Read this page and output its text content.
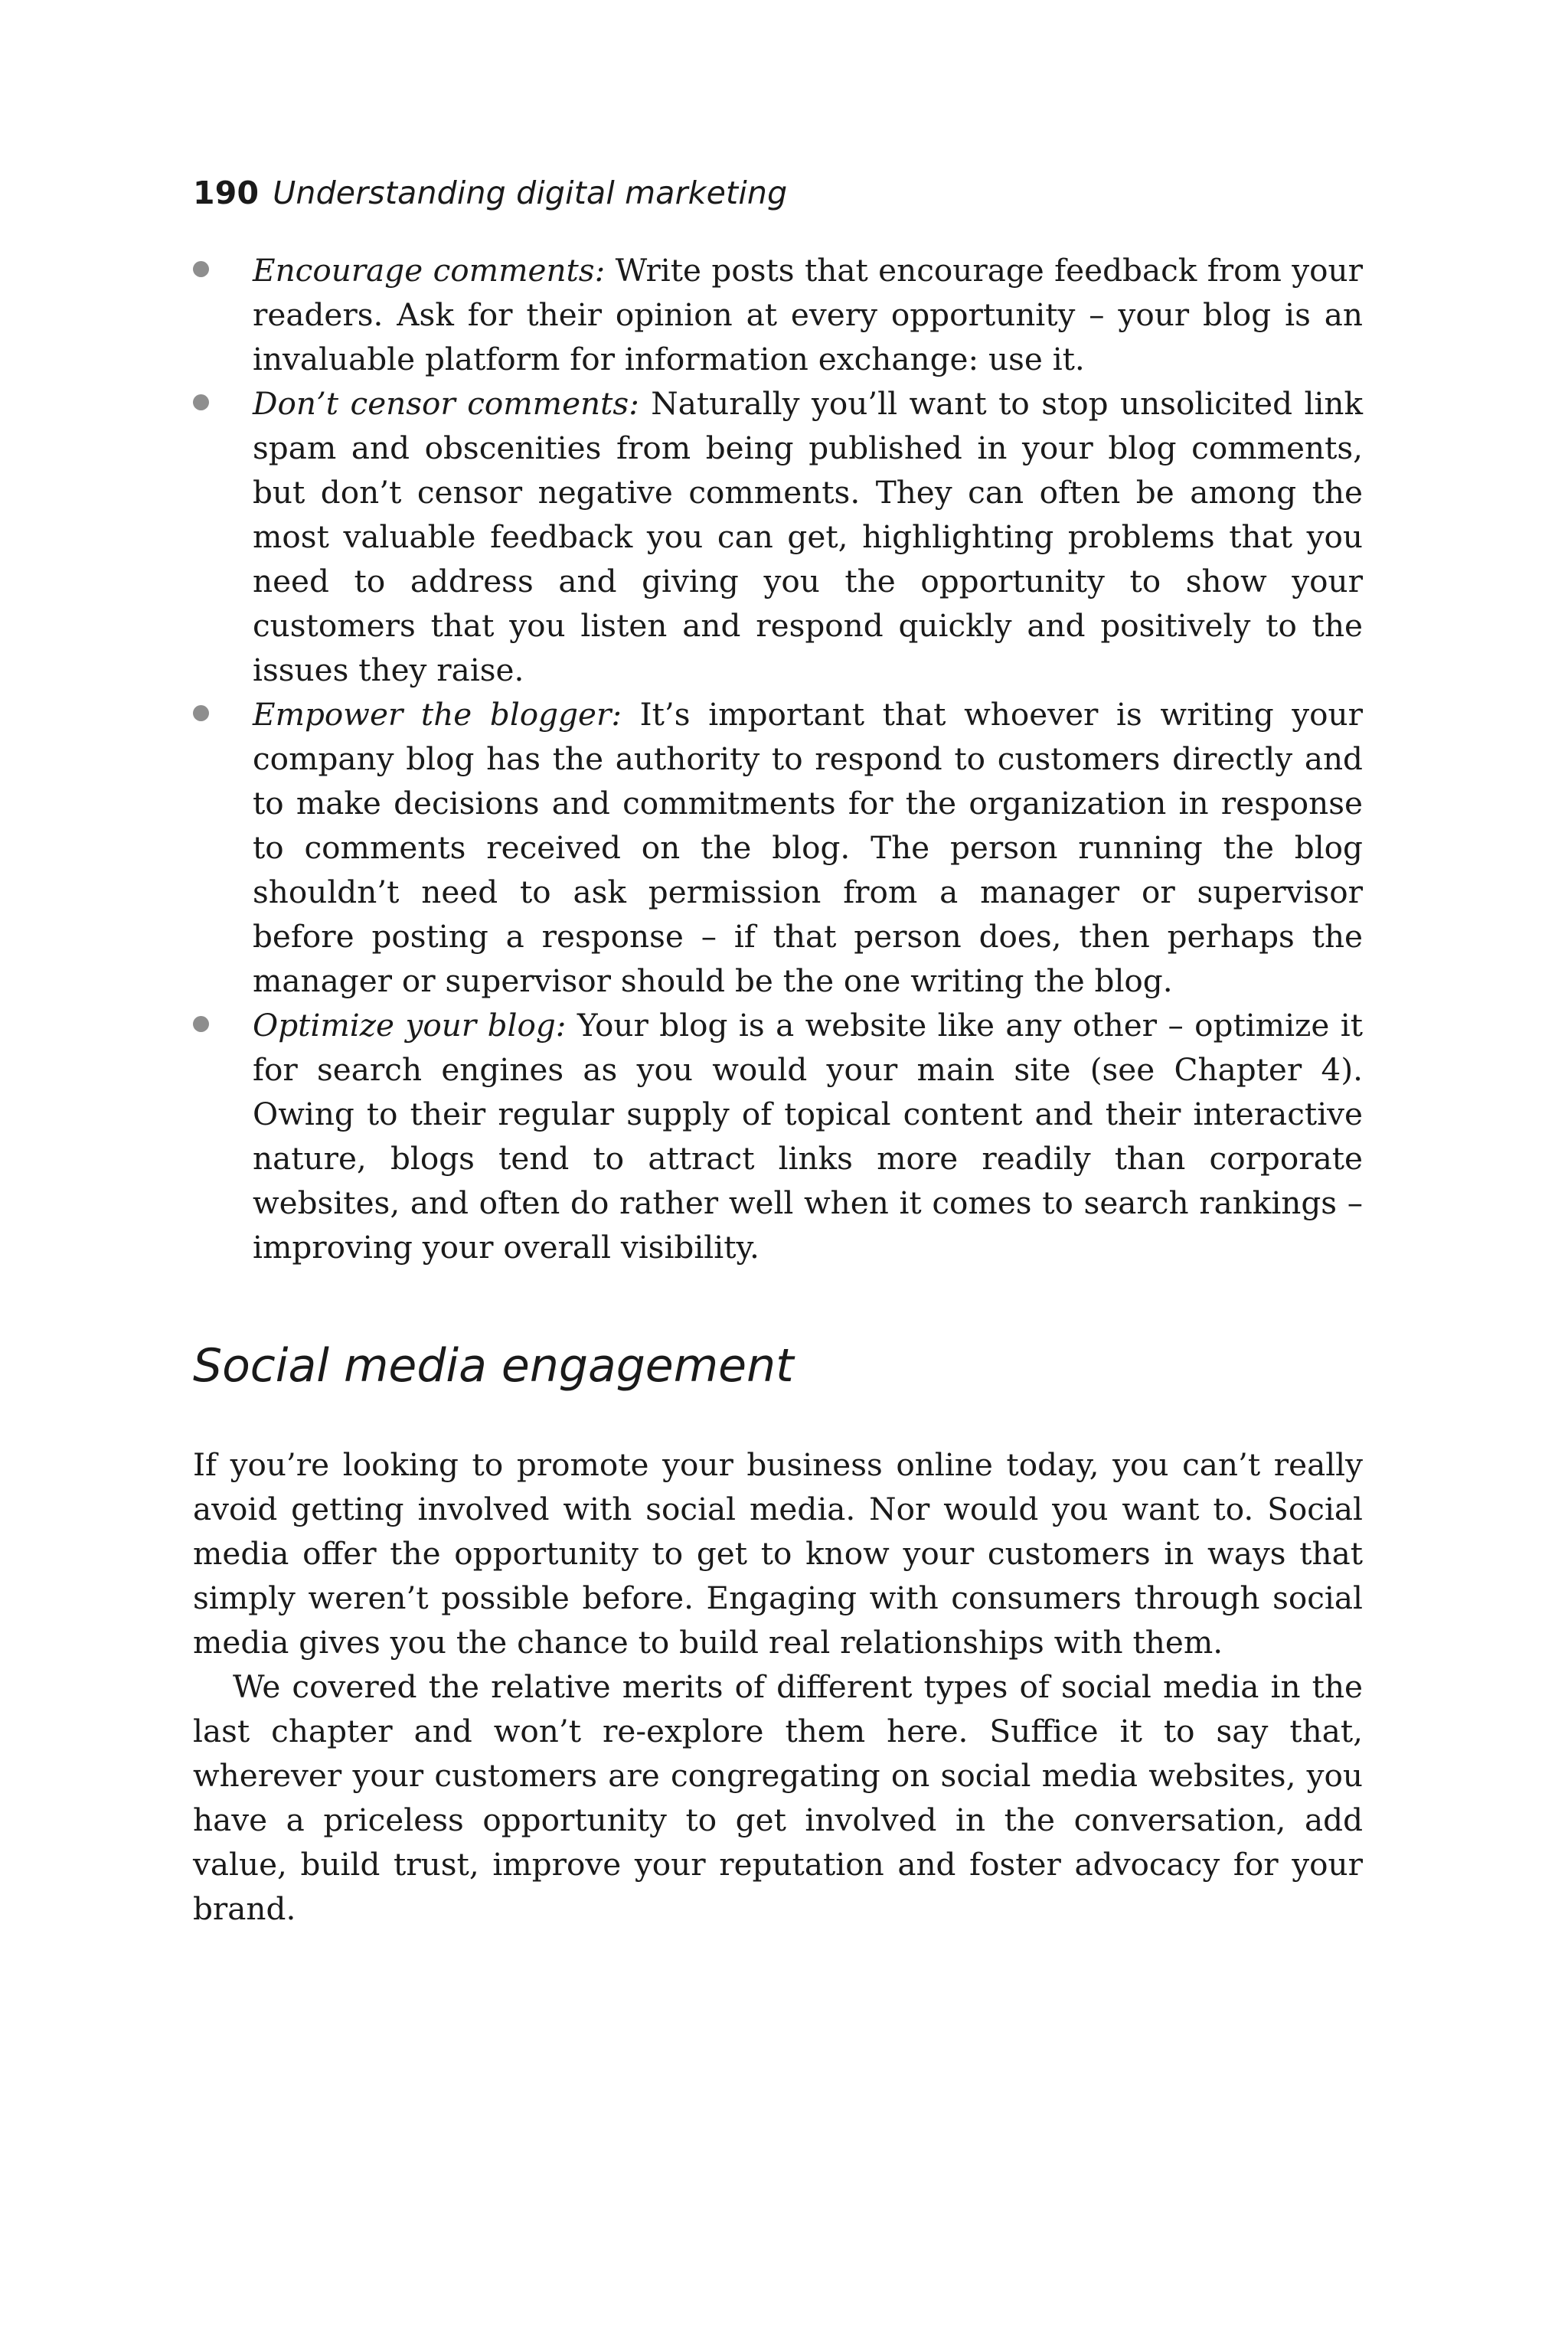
190 Understanding digital marketing
Encourage comments: Write posts that encourage feedback from your readers. Ask for their opinion at every opportunity – your blog is an invaluable platform for information exchange: use it.
Don’t censor comments: Naturally you’ll want to stop unsolicited link spam and obscenities from being published in your blog comments, but don’t censor negative comments. They can often be among the most valuable feedback you can get, highlighting problems that you need to address and giving you the opportunity to show your customers that you listen and respond quickly and positively to the issues they raise.
Empower the blogger: It’s important that whoever is writing your company blog has the authority to respond to customers directly and to make decisions and commitments for the organization in response to comments received on the blog. The person running the blog shouldn’t need to ask permission from a manager or supervisor before posting a response – if that person does, then perhaps the manager or supervisor should be the one writing the blog.
Optimize your blog: Your blog is a website like any other – optimize it for search engines as you would your main site (see Chapter 4). Owing to their regular supply of topical content and their interactive nature, blogs tend to attract links more readily than corporate websites, and often do rather well when it comes to search rankings – improving your overall visibility.
Social media engagement

If you’re looking to promote your business online today, you can’t really avoid getting involved with social media. Nor would you want to. Social media offer the opportunity to get to know your customers in ways that simply weren’t possible before. Engaging with consumers through social media gives you the chance to build real relationships with them.

We covered the relative merits of different types of social media in the last chapter and won’t re-explore them here. Suffice it to say that, wherever your customers are congregating on social media websites, you have a priceless opportunity to get involved in the conversation, add value, build trust, improve your reputation and foster advocacy for your brand.
